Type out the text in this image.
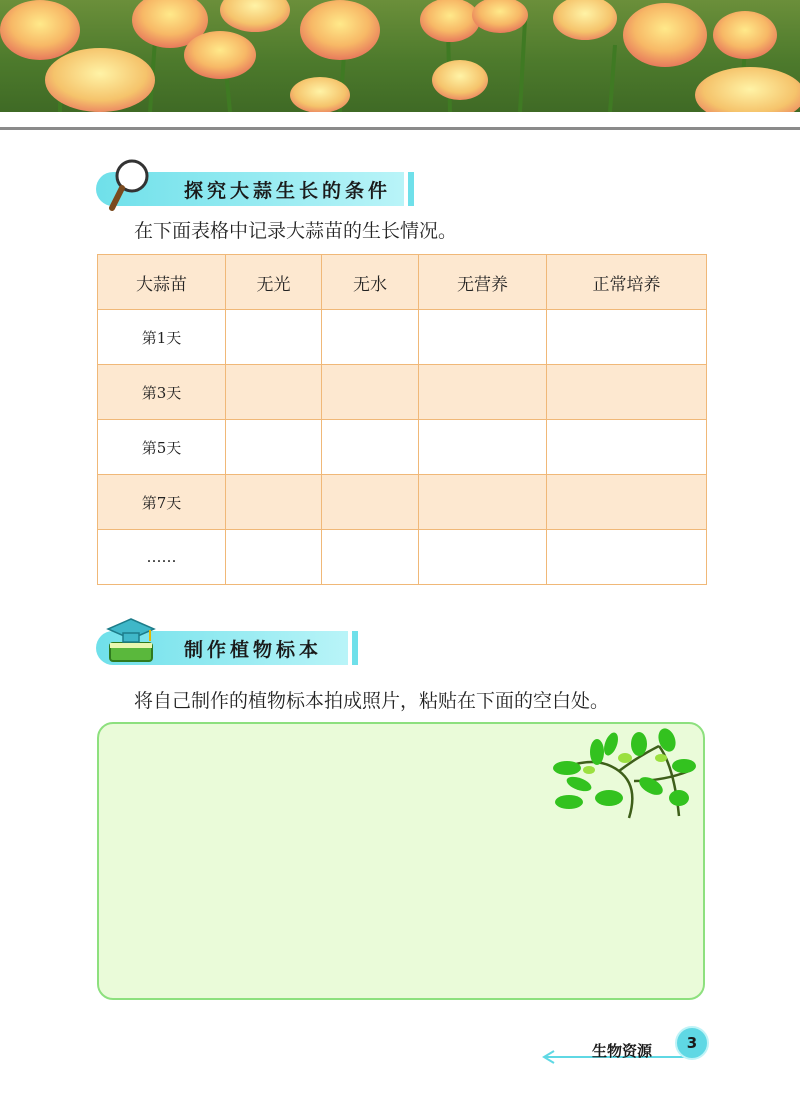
探究大蒜生长的条件
在下面表格中记录大蒜苗的生长情况。
大蒜苗	无光	无水	无营养	正常培养
第1天				
第3天				
第5天				
第7天				
……				
制作植物标本
将自己制作的植物标本拍成照片，粘贴在下面的空白处。
生物资源	3
